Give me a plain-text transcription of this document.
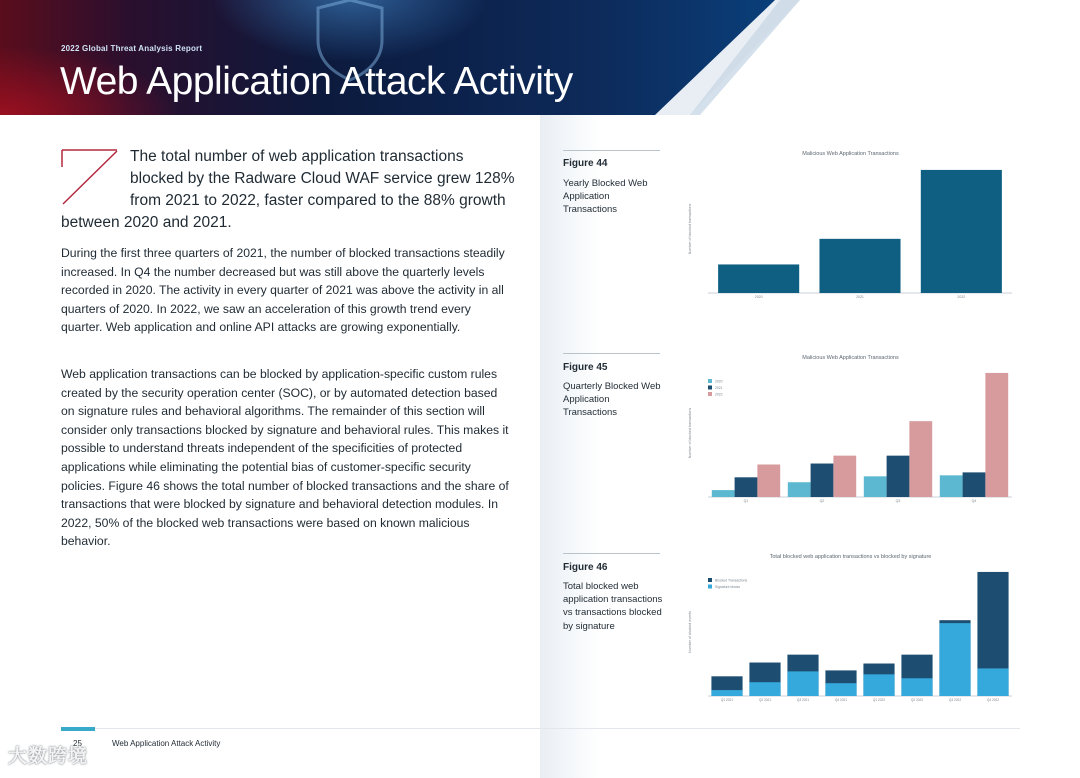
2022 Global Threat Analysis Report
Web Application Attack Activity
The total number of web application transactions
blocked by the Radware Cloud WAF service grew 128%
from 2021 to 2022, faster compared to the 88% growth
between 2020 and 2021.

During the first three quarters of 2021, the number of blocked transactions steadily increased. In Q4 the number decreased but was still above the quarterly levels recorded in 2020. The activity in every quarter of 2021 was above the activity in all quarters of 2020. In 2022, we saw an acceleration of this growth trend every quarter. Web application and online API attacks are growing exponentially.

Web application transactions can be blocked by application-specific custom rules created by the security operation center (SOC), or by automated detection based on signature rules and behavioral algorithms. The remainder of this section will consider only transactions blocked by signature and behavioral rules. This makes it possible to understand threats independent of the specificities of protected applications while eliminating the potential bias of customer-specific security policies. Figure 46 shows the total number of blocked transactions and the share of transactions that were blocked by signature and behavioral detection modules. In 2022, 50% of the blocked web transactions were based on known malicious behavior.

Figure 44
Yearly Blocked Web Application Transactions
Figure 45
Quarterly Blocked Web Application Transactions
Figure 46
Total blocked web application transactions vs transactions blocked by signature
Malicious Web Application Transactions
Number of blocked transactions
2020	2021	2022
Malicious Web Application Transactions
Number of blocked transactions
2020
2021
2022
Q1	Q2	Q3	Q4
Total blocked web application transactions vs blocked by signature
Number of blocked events
Blocked Transactions
Signature blocks
Q1 2021	Q2 2021	Q3 2021	Q4 2021	Q1 2022	Q2 2022	Q3 2022	Q4 2022
25	Web Application Attack Activity
大数跨境
